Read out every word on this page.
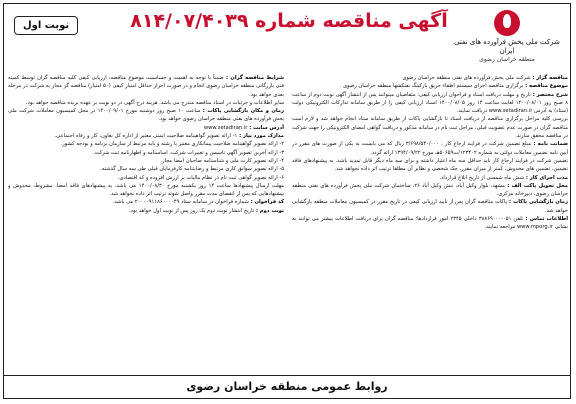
نوبت اول	آگهی مناقصه شماره ۸۱۴/۰۷/۴۰۳۹
شرکت ملی پخش فرآورده های نفتی ایران
منطقه خراسان رضوی

مناقصه گزار : شرکت ملی پخش فرآورده های نفتی منطقه خراسان رضوی

موضوع مناقصه : برگزاری مناقصه اجرای سیستم اطفاء حریق پارکینگ نفتکشها منطقه خراسان رضوی .

شرح مختصر : تاریخ و مهلت دریافت اسناد و فراخوان ارزیابی کیفی: متقاضیان میتوانند پس از انتشار آگهی نوبت دوم از ساعت ۸ صبح روز ۱۴۰۰/۰۸/۰۱ لغایت ساعت ۱۴ روز ۱۴۰۰/۰۸/۰۵ اسناد ارزیابی کیفی را از طریق سامانه تدارکات الکترونیکی دولت (ستاد) به آدرس www.setadiran.ir دریافت نمایند.

بررسی کلیه مراحل برگزاری مناقصه از دریافت اسناد تا بازگشایی پاکات از طریق سامانه ستاد انجام خواهد شد و لازم است مناقصه گران در صورت عدم عضویت قبلی، مراحل ثبت نام در سامانه مذکور و دریافت گواهی امضای الکترونیکی را جهت شرکت در مناقصه محقق سازند.

ضمانت نامه : مبلغ تضمین شرکت در فرایند ارجاع کار : ۳/۶۹۸/۵۴۰/۰۰۰ ریال که می بایست به یکی از صورت های مقرر در آیین نامه تضمین معاملات دولتی به شماره ۱۲۳۴۰۲/ت۵۰۶۵۹هـ مورخ ۱۳۹۴/۰۹/۲۲ ارائه گردد.

تضمین شرکت در فرایند ارجاع کار باید حداقل سه ماه اعتبار داشته و برای سه ماه دیگر قابل تمدید باشد. به پیشنهادهای فاقد تضمین، تضمین های مخدوش، کمتر از میزان مقرر، چک شخصی و نظایر آن مطلقا ترتیب اثر داده نخواهد شد.

مدت اجرای کار : شش ماه شمسی از تاریخ ابلاغ قرارداد.

محل تحویل پاکت الف : مشهد، بلوار وکیل آباد، نبش وکیل آباد ۲۶، ساختمان شرکت ملی پخش فرآورده های نفتی منطقه خراسان رضوی، دبیرخانه مرکزی.

زمان بازگشایی پاکات : پاکات مناقصه گران پس از تایید ارزیابی کیفی در تاریخ مقرر در کمیسیون معاملات منطقه بازگشایی خواهد شد.

اطلاعات تماس : تلفن ۰۵۱-۳۸۸۶۹۰۰۰ داخلی ۲۳۴۵ امور قراردادها؛ مناقصه گران برای دریافت اطلاعات بیشتر می توانند به نشانی www.mporg.ir مراجعه نمایند.

شرایط مناقصه گران : ضمناً با توجه به اهمیت و حساسیت موضوع مناقصه، ارزیابی کیفی کلیه مناقصه گران توسط کمیته فنی بازرگانی منطقه خراسان رضوی انجام و در صورت احراز حداقل امتیاز کیفی (۵۰ امتیاز) مناقصه گر مجاز به شرکت در مرحله بعدی خواهد بود.

سایر اطلاعات و جزئیات در اسناد مناقصه مندرج می باشد. هزینه درج آگهی در دو نوبت بر عهده برنده مناقصه خواهد بود.

زمان و مکان بازگشایی پاکات : ساعت ۱۰ صبح روز دوشنبه مورخ ۱۴۰۰/۰۹/۰۱ در محل کمیسیون معاملات شرکت ملی پخش فرآورده های نفتی منطقه خراسان رضوی خواهد بود.

آدرس سایت : www.setadiran.ir

مدارک مورد نیاز : ۱- ارائه تصویر گواهینامه صلاحیت ایمنی معتبر از اداره کل تعاون، کار و رفاه اجتماعی.

۲- ارائه تصویر گواهینامه صلاحیت پیمانکاری معتبر با رشته و پایه مرتبط از سازمان برنامه و بودجه کشور.

۳- ارائه آخرین تصویر آگهی تاسیس و تغییرات شرکت، اساسنامه و اظهارنامه ثبت شرکت.

۴- ارائه تصویر کارت ملی و شناسنامه صاحبان امضا مجاز.

۵- ارائه تصویر سوابق کاری مرتبط و رضایتنامه کارفرمایان قبلی طی سه سال گذشته.

۶- ارائه تصویر گواهی ثبت نام در نظام مالیات بر ارزش افزوده و کد اقتصادی.

مهلت ارسال پیشنهادها ساعت ۱۴ روز یکشنبه مورخ ۱۴۰۰/۰۸/۳۰ می باشد. به پیشنهادهای فاقد امضا، مشروط، مخدوش و پیشنهادهایی که پس از انقضای مدت مقرر واصل شوند ترتیب اثر داده نخواهد شد.

کد فراخوان : شماره فراخوان در سامانه ستاد ۲۰۰۰۰۹۱۱۸۶۰۰۰۰۴۹ می باشد.

نوبت دوم : تاریخ انتشار نوبت دوم یک روز پس از نوبت اول خواهد بود.

روابط عمومی منطقه خراسان رضوی
